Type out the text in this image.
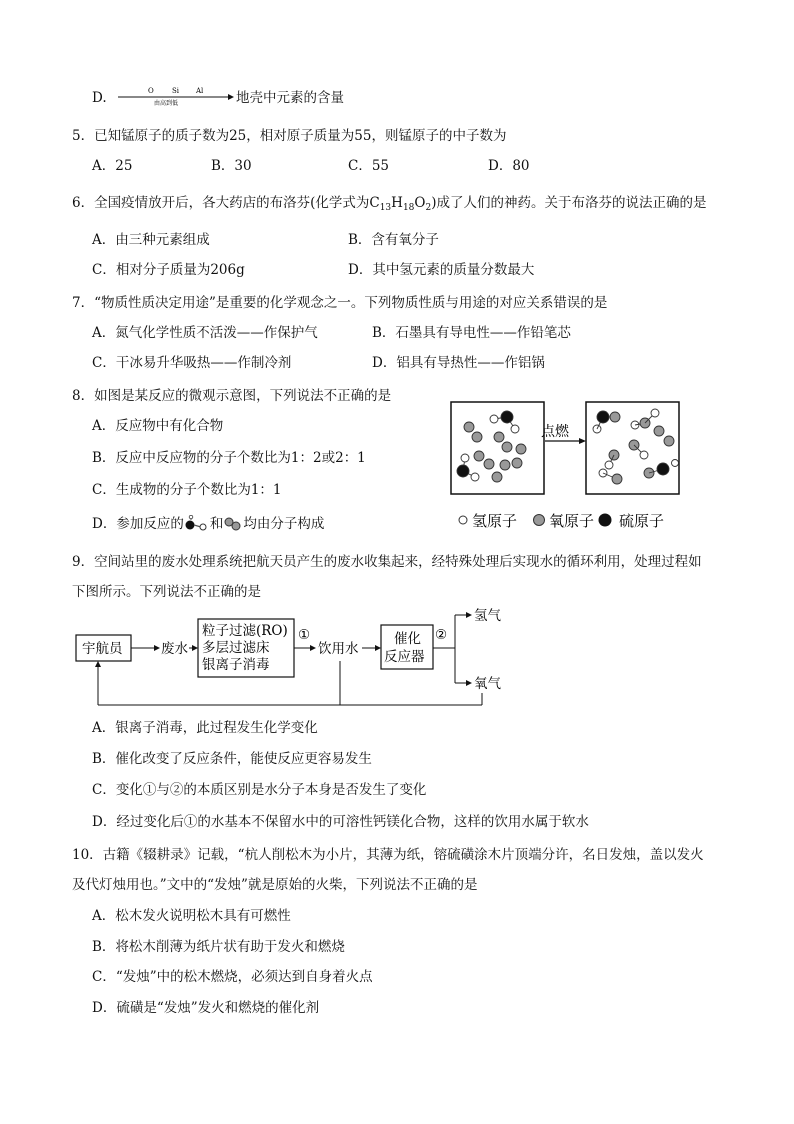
D.	O	Si Al
由高到低	地壳中元素的含量
5．已知锰原子的质子数为25，相对原子质量为55，则锰原子的中子数为
A．25	B．30	C．55	D．80
6．全国疫情放开后，各大药店的布洛芬(化学式为$C_{13}H_{18}O_2$)成了人们的神药。关于布洛芬的说法正确的是
A．由三种元素组成	B．含有氧分子
C．相对分子质量为206g	D．其中氢元素的质量分数最大
7．“物质性质决定用途”是重要的化学观念之一。下列物质性质与用途的对应关系错误的是
A．氮气化学性质不活泼——作保护气	B．石墨具有导电性——作铅笔芯
C．干冰易升华吸热——作制冷剂	D．铝具有导热性——作铝锅
8．如图是某反应的微观示意图，下列说法不正确的是
A．反应物中有化合物
B．反应中反应物的分子个数比为1：2或2：1
C．生成物的分子个数比为1：1
D．参加反应的 和 均由分子构成
点燃
氢原子 氧原子 硫原子
9．空间站里的废水处理系统把航天员产生的废水收集起来，经特殊处理后实现水的循环利用，处理过程如
下图所示。下列说法不正确的是
宇航员	废水
粒子过滤(RO)
多层过滤床
银离子消毒
①
饮用水
催化
反应器
②
氢气
氧气
A．银离子消毒，此过程发生化学变化
B．催化改变了反应条件，能使反应更容易发生
C．变化①与②的本质区别是水分子本身是否发生了变化
D．经过变化后①的水基本不保留水中的可溶性钙镁化合物，这样的饮用水属于软水
10．古籍《辍耕录》记载，“杭人削松木为小片，其薄为纸，镕硫磺涂木片顶端分许，名日发烛，盖以发火
及代灯烛用也。”文中的“发烛”就是原始的火柴，下列说法不正确的是
A．松木发火说明松木具有可燃性
B．将松木削薄为纸片状有助于发火和燃烧
C．“发烛”中的松木燃烧，必须达到自身着火点
D．硫磺是“发烛”发火和燃烧的催化剂
